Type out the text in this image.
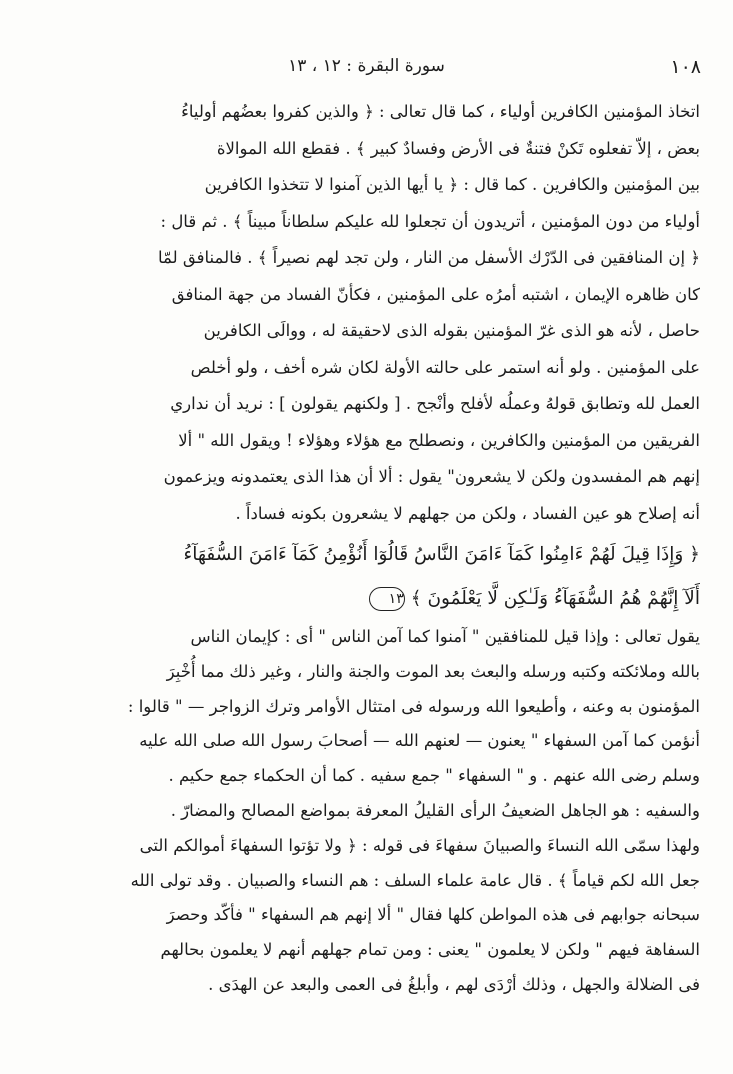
١٠٨
سورة البقرة : ١٢ ، ١٣
اتخاذ المؤمنين الكافرين أولياء ، كما قال تعالى : ﴿ والذين كفروا بعضُهم أولياءُ
بعض ، إلاّ تفعلوه تَكنْ فتنةٌ فى الأرض وفسادٌ كبير ﴾ . فقطع الله الموالاة
بين المؤمنين والكافرين . كما قال : ﴿ يا أيها الذين آمنوا لا تتخذوا الكافرين
أولياء من دون المؤمنين ، أتريدون أن تجعلوا لله عليكم سلطاناً مبيناً ﴾ . ثم قال :
﴿ إن المنافقين فى الدّرْك الأسفل من النار ، ولن تجد لهم نصيراً ﴾ . فالمنافق لمّا
كان ظاهره الإيمان ، اشتبه أمرُه على المؤمنين ، فكأنّ الفساد من جهة المنافق
حاصل ، لأنه هو الذى غرّ المؤمنين بقوله الذى لاحقيقة له ، ووالَى الكافرين
على المؤمنين . ولو أنه استمر على حالته الأولة لكان شره أخف ، ولو أخلص
العمل لله وتطابق قولهُ وعملُه لأفلح وأنْجح . [ ولكنهم يقولون ] : نريد أن نداري
الفريقين من المؤمنين والكافرين ، ونصطلح مع هؤلاء وهؤلاء ! ويقول الله " ألا
إنهم هم المفسدون ولكن لا يشعرون" يقول : ألا أن هذا الذى يعتمدونه ويزعمون
أنه إصلاح هو عين الفساد ، ولكن من جهلهم لا يشعرون بكونه فساداً .
﴿ وَإِذَا قِيلَ لَهُمْ ءَامِنُوا كَمَآ ءَامَنَ النَّاسُ قَالُوٓا أَنُؤْمِنُ كَمَآ ءَامَنَ السُّفَهَآءُ
أَلَآ إِنَّهُمْ هُمُ السُّفَهَآءُ وَلَـٰكِن لَّا يَعْلَمُونَ ﴾١٣
يقول تعالى : وإذا قيل للمنافقين " آمنوا كما آمن الناس " أى : كإيمان الناس
بالله وملائكته وكتبه ورسله والبعث بعد الموت والجنة والنار ، وغير ذلك مما أُخْبِرَ
المؤمنون به وعنه ، وأطيعوا الله ورسوله فى امتثال الأوامر وترك الزواجر — " قالوا :
أنؤمن كما آمن السفهاء " يعنون — لعنهم الله — أصحابَ رسول الله صلى الله عليه
وسلم رضى الله عنهم . و " السفهاء " جمع سفيه . كما أن الحكماء جمع حكيم .
والسفيه : هو الجاهل الضعيفُ الرأى القليلُ المعرفة بمواضع المصالح والمضارّ .
ولهذا سمّى الله النساءَ والصبيانَ سفهاءَ فى قوله : ﴿ ولا تؤتوا السفهاءَ أموالكم التى
جعل الله لكم قياماً ﴾ . قال عامة علماء السلف : هم النساء والصبيان . وقد تولى الله
سبحانه جوابهم فى هذه المواطن كلها فقال " ألا إنهم هم السفهاء " فأكّد وحصرَ
السفاهة فيهم " ولكن لا يعلمون " يعنى : ومن تمام جهلهم أنهم لا يعلمون بحالهم
فى الضلالة والجهل ، وذلك أرْدَى لهم ، وأبلغُ فى العمى والبعد عن الهدَى .
